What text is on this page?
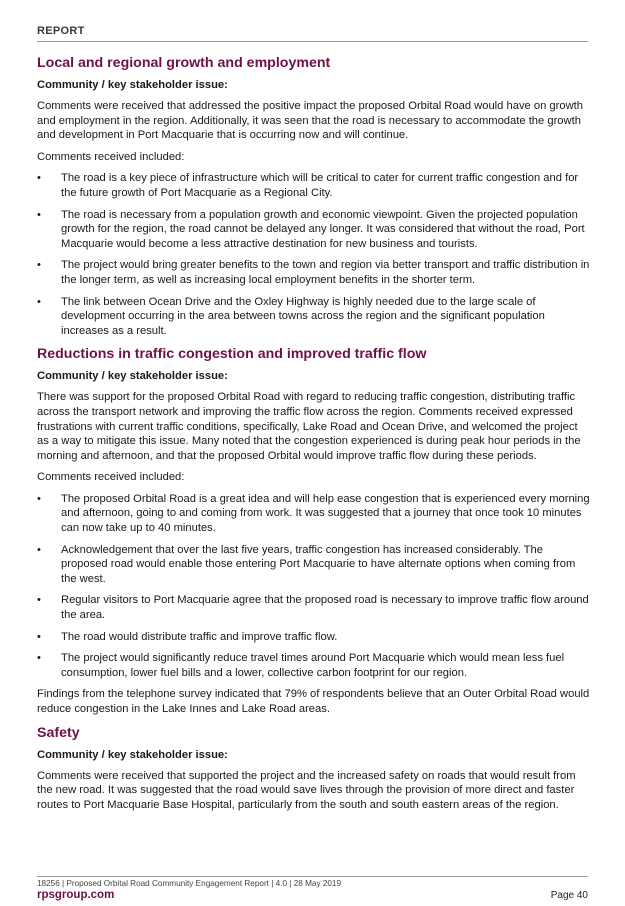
REPORT
Local and regional growth and employment
Community / key stakeholder issue:

Comments were received that addressed the positive impact the proposed Orbital Road would have on growth and employment in the region. Additionally, it was seen that the road is necessary to accommodate the growth and development in Port Macquarie that is occurring now and will continue.

Comments received included:

•	The road is a key piece of infrastructure which will be critical to cater for current traffic congestion and for the future growth of Port Macquarie as a Regional City.
•	The road is necessary from a population growth and economic viewpoint. Given the projected population growth for the region, the road cannot be delayed any longer. It was considered that without the road, Port Macquarie would become a less attractive destination for new business and tourists.
•	The project would bring greater benefits to the town and region via better transport and traffic distribution in the longer term, as well as increasing local employment benefits in the shorter term.
•	The link between Ocean Drive and the Oxley Highway is highly needed due to the large scale of development occurring in the area between towns across the region and the significant population increases as a result.
Reductions in traffic congestion and improved traffic flow
Community / key stakeholder issue:

There was support for the proposed Orbital Road with regard to reducing traffic congestion, distributing traffic across the transport network and improving the traffic flow across the region. Comments received expressed frustrations with current traffic conditions, specifically, Lake Road and Ocean Drive, and welcomed the project as a way to mitigate this issue. Many noted that the congestion experienced is during peak hour periods in the morning and afternoon, and that the proposed Orbital would improve traffic flow during these periods.

Comments received included:

•	The proposed Orbital Road is a great idea and will help ease congestion that is experienced every morning and afternoon, going to and coming from work. It was suggested that a journey that once took 10 minutes can now take up to 40 minutes.
•	Acknowledgement that over the last five years, traffic congestion has increased considerably. The proposed road would enable those entering Port Macquarie to have alternate options when coming from the west.
•	Regular visitors to Port Macquarie agree that the proposed road is necessary to improve traffic flow around the area.
•	The road would distribute traffic and improve traffic flow.
•	The project would significantly reduce travel times around Port Macquarie which would mean less fuel consumption, lower fuel bills and a lower, collective carbon footprint for our region.

Findings from the telephone survey indicated that 79% of respondents believe that an Outer Orbital Road would reduce congestion in the Lake Innes and Lake Road areas.

Safety
Community / key stakeholder issue:

Comments were received that supported the project and the increased safety on roads that would result from the new road. It was suggested that the road would save lives through the provision of more direct and faster routes to Port Macquarie Base Hospital, particularly from the south and south eastern areas of the region.

18256 | Proposed Orbital Road Community Engagement Report | 4.0 | 28 May 2019
rpsgroup.com	Page 40
